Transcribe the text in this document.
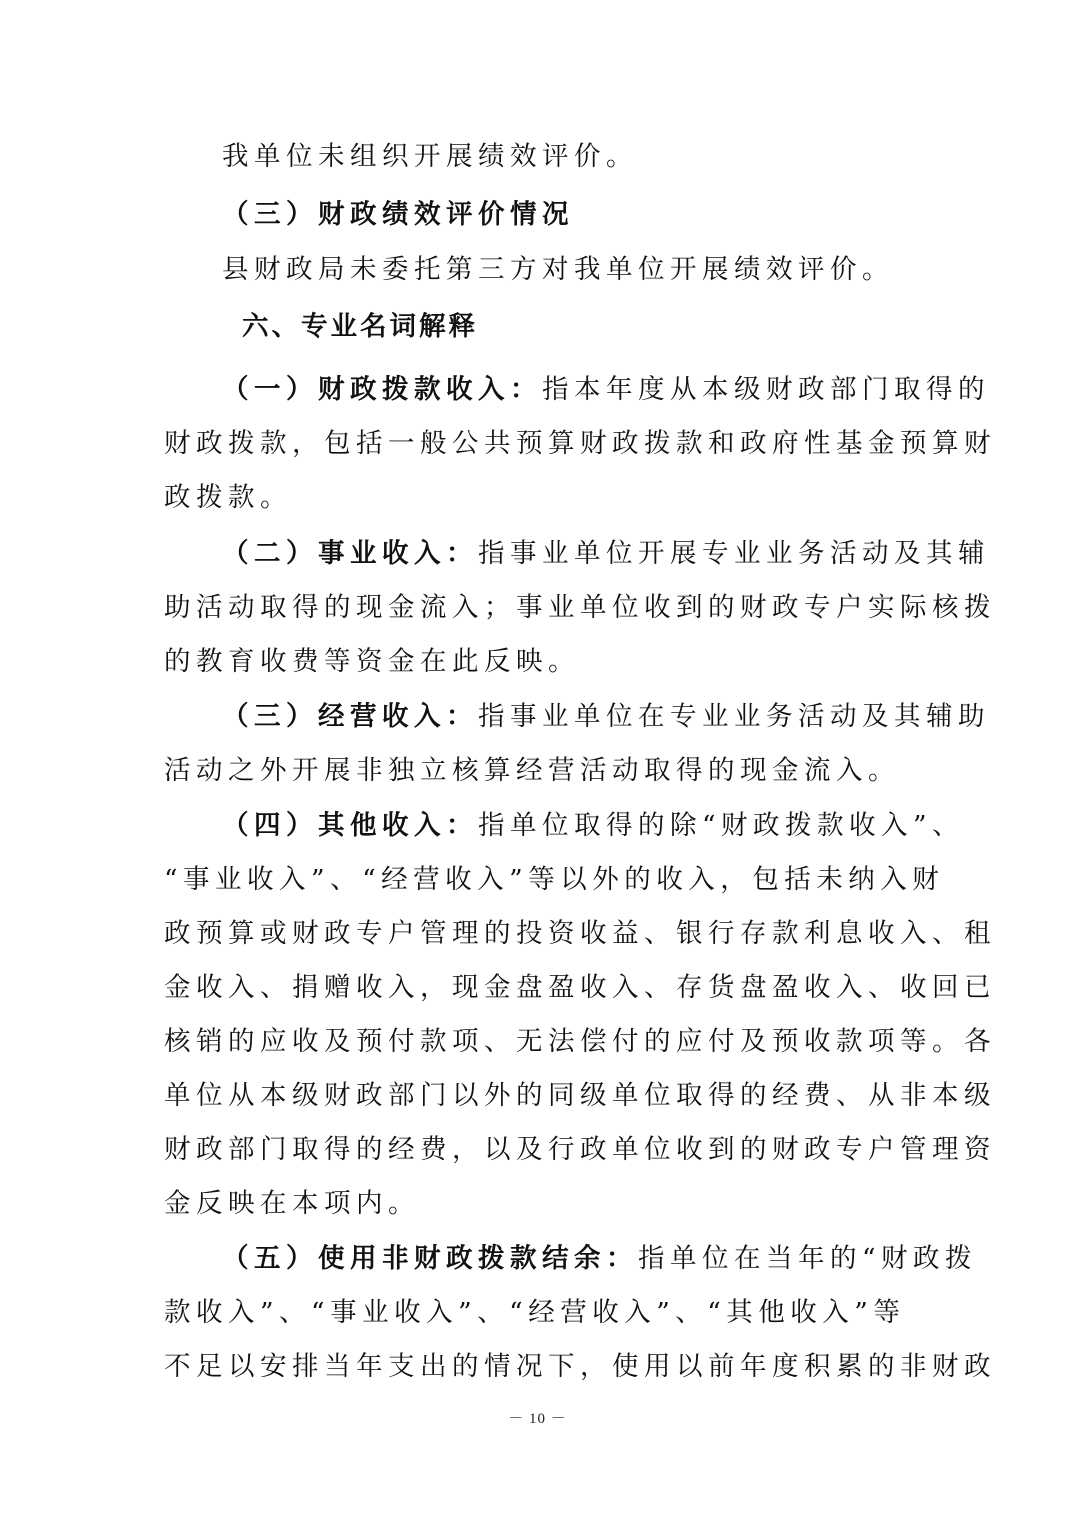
我单位未组织开展绩效评价。
（三）财政绩效评价情况
县财政局未委托第三方对我单位开展绩效评价。
六、专业名词解释
（一）财政拨款收入：指本年度从本级财政部门取得的
财政拨款，包括一般公共预算财政拨款和政府性基金预算财
政拨款。
（二）事业收入：指事业单位开展专业业务活动及其辅
助活动取得的现金流入；事业单位收到的财政专户实际核拨
的教育收费等资金在此反映。
（三）经营收入：指事业单位在专业业务活动及其辅助
活动之外开展非独立核算经营活动取得的现金流入。
（四）其他收入：指单位取得的除“财政拨款收入”、
“事业收入”、“经营收入”等以外的收入，包括未纳入财
政预算或财政专户管理的投资收益、银行存款利息收入、租
金收入、捐赠收入，现金盘盈收入、存货盘盈收入、收回已
核销的应收及预付款项、无法偿付的应付及预收款项等。各
单位从本级财政部门以外的同级单位取得的经费、从非本级
财政部门取得的经费，以及行政单位收到的财政专户管理资
金反映在本项内。
（五）使用非财政拨款结余：指单位在当年的“财政拨
款收入”、“事业收入”、“经营收入”、“其他收入”等
不足以安排当年支出的情况下，使用以前年度积累的非财政
－ 10 －
